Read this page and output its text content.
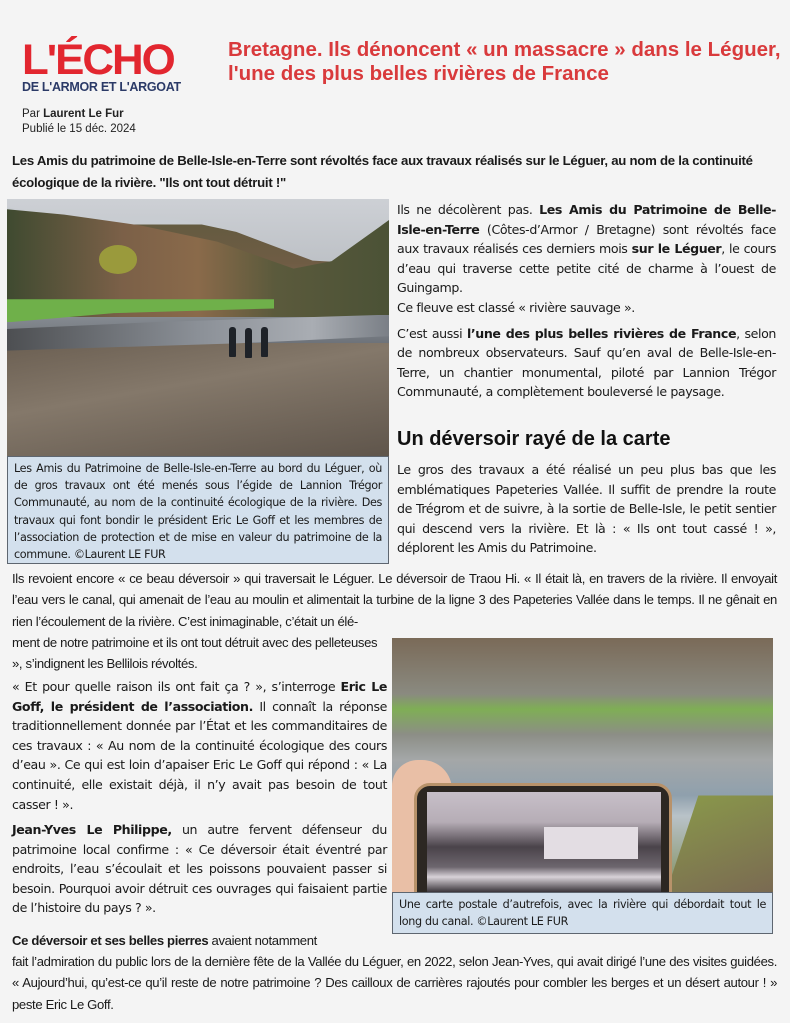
L'ÉCHO
DE L'ARMOR ET L'ARGOAT
Par Laurent Le Fur
Publié le 15 déc. 2024
Bretagne. Ils dénoncent « un massacre » dans le Léguer, l'une des plus belles rivières de France

Les Amis du patrimoine de Belle-Isle-en-Terre sont révoltés face aux travaux réalisés sur le Léguer, au nom de la continuité écologique de la rivière. "Ils ont tout détruit !"

Les Amis du Patrimoine de Belle-Isle-en-Terre au bord du Léguer, où de gros travaux ont été menés sous l’égide de Lannion Trégor Communauté, au nom de la continuité écologique de la rivière. Des travaux qui font bondir le président Eric Le Goff et les membres de l’association de protection et de mise en valeur du patrimoine de la commune. ©Laurent LE FUR

Ils ne décolèrent pas. Les Amis du Patrimoine de Belle-Isle-en-Terre (Côtes-d’Armor / Bretagne) sont révoltés face aux travaux réalisés ces derniers mois sur le Léguer, le cours d’eau qui traverse cette petite cité de charme à l’ouest de Guingamp.
Ce fleuve est classé « rivière sauvage ».

C’est aussi l’une des plus belles rivières de France, selon de nombreux observateurs. Sauf qu’en aval de Belle-Isle-en-Terre, un chantier monumental, piloté par Lannion Trégor Communauté, a complètement bouleversé le paysage.

Un déversoir rayé de la carte
Le gros des travaux a été réalisé un peu plus bas que les emblématiques Papeteries Vallée. Il suffit de prendre la route de Trégrom et de suivre, à la sortie de Belle-Isle, le petit sentier qui descend vers la rivière. Et là : « Ils ont tout cassé ! », déplorent les Amis du Patrimoine.

Ils revoient encore « ce beau déversoir » qui traversait le Léguer. Le déversoir de Traou Hi. « Il était là, en travers de la rivière. Il envoyait l’eau vers le canal, qui amenait de l’eau au moulin et alimentait la turbine de la ligne 3 des Papeteries Vallée dans le temps. Il ne gênait en rien l’écoulement de la rivière. C’est inimaginable, c’était un élé-

ment de notre patrimoine et ils ont tout détruit avec des pelleteuses », s’indignent les Bellilois révoltés.

Une carte postale d’autrefois, avec la rivière qui débordait tout le long du canal. ©Laurent LE FUR

« Et pour quelle raison ils ont fait ça ? », s’interroge Eric Le Goff, le président de l’association. Il connaît la réponse traditionnellement donnée par l’État et les commanditaires de ces travaux : « Au nom de la continuité écologique des cours d’eau ». Ce qui est loin d’apaiser Eric Le Goff qui répond : « La continuité, elle existait déjà, il n’y avait pas besoin de tout casser ! ».

Jean-Yves Le Philippe, un autre fervent défenseur du patrimoine local confirme : « Ce déversoir était éventré par endroits, l’eau s’écoulait et les poissons pouvaient passer si besoin. Pourquoi avoir détruit ces ouvrages qui faisaient partie de l’histoire du pays ? ».

Ce déversoir et ses belles pierres avaient notamment

fait l’admiration du public lors de la dernière fête de la Vallée du Léguer, en 2022, selon Jean-Yves, qui avait dirigé l’une des visites guidées. « Aujourd’hui, qu’est-ce qu’il reste de notre patrimoine ? Des cailloux de carrières rajoutés pour combler les berges et un désert autour ! » peste Eric Le Goff.
